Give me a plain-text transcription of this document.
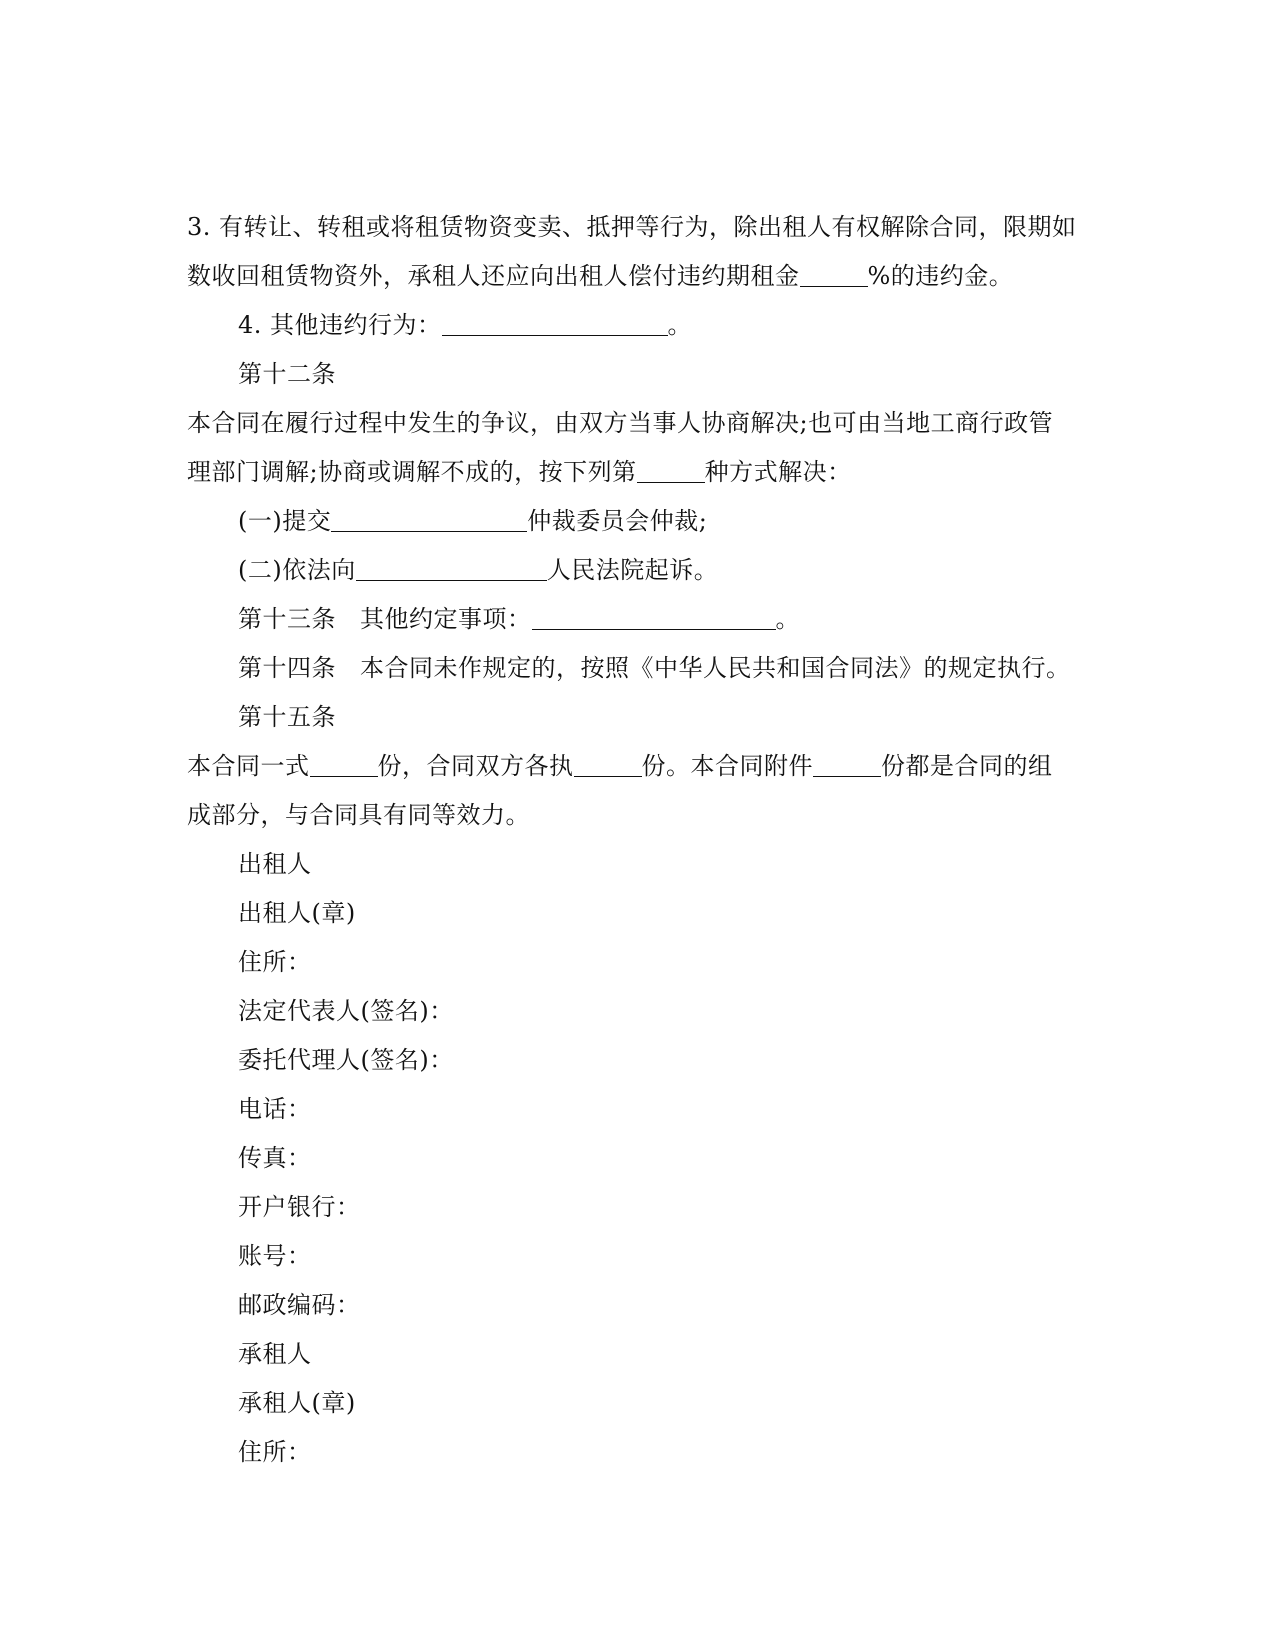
3. 有转让、转租或将租赁物资变卖、抵押等行为，除出租人有权解除合同，限期如
数收回租赁物资外，承租人还应向出租人偿付违约期租金	%的违约金。
4. 其他违约行为：	。
第十二条
本合同在履行过程中发生的争议，由双方当事人协商解决;也可由当地工商行政管
理部门调解;协商或调解不成的，按下列第	种方式解决：
(一)提交	仲裁委员会仲裁;
(二)依法向	人民法院起诉。
第十三条 其他约定事项：	。
第十四条 本合同未作规定的，按照《中华人民共和国合同法》的规定执行。
第十五条
本合同一式	份，合同双方各执	份。本合同附件	份都是合同的组
成部分，与合同具有同等效力。
出租人
出租人(章)
住所：
法定代表人(签名)：
委托代理人(签名)：
电话：
传真：
开户银行：
账号：
邮政编码：
承租人
承租人(章)
住所：
